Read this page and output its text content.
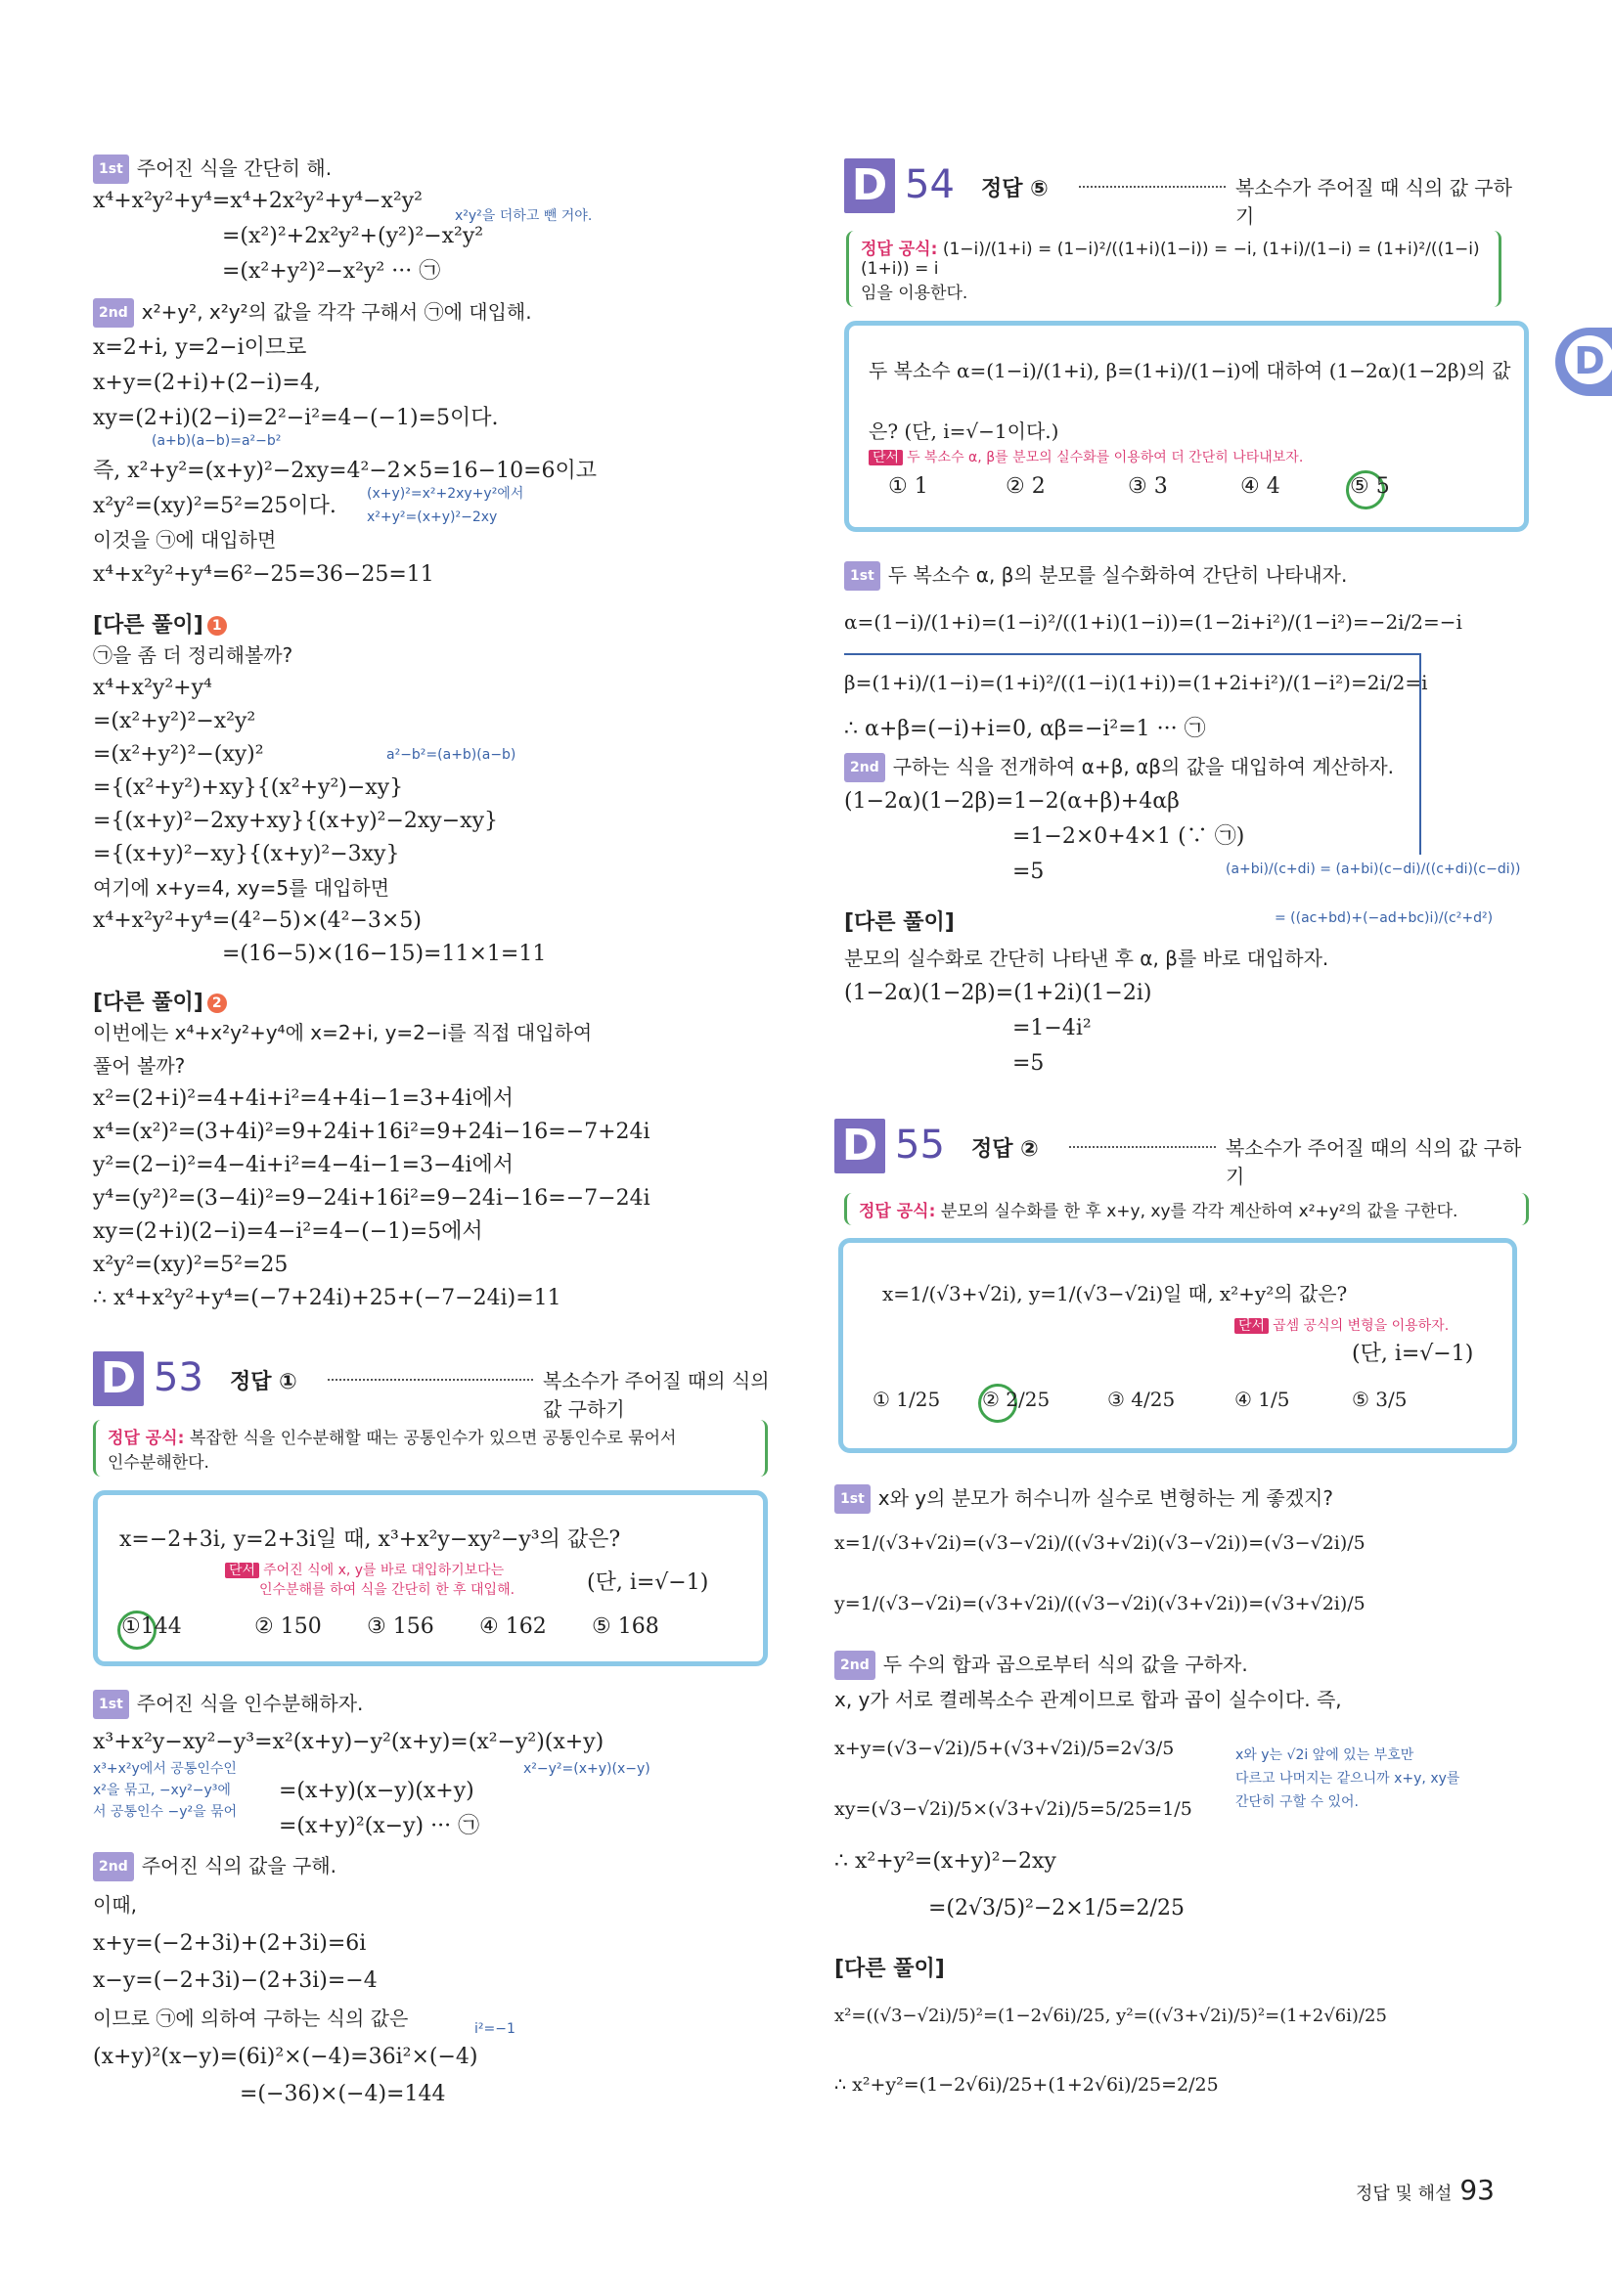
1st 주어진 식을 간단히 해.
x⁴+x²y²+y⁴=x⁴+2x²y²+y⁴−x²y²
x²y²을 더하고 뺀 거야.
=(x²)²+2x²y²+(y²)²−x²y²
=(x²+y²)²−x²y² ··· ㉠
2nd x²+y², x²y²의 값을 각각 구해서 ㉠에 대입해.
x=2+i, y=2−i이므로
x+y=(2+i)+(2−i)=4,
xy=(2+i)(2−i)=2²−i²=4−(−1)=5이다.
(a+b)(a−b)=a²−b²
즉, x²+y²=(x+y)²−2xy=4²−2×5=16−10=6이고
x²y²=(xy)²=5²=25이다. (x+y)²=x²+2xy+y²에서
x²+y²=(x+y)²−2xy
이것을 ㉠에 대입하면
x⁴+x²y²+y⁴=6²−25=36−25=11
[다른 풀이] 1
㉠을 좀 더 정리해볼까?
x⁴+x²y²+y⁴
=(x²+y²)²−x²y²
=(x²+y²)²−(xy)²	a²−b²=(a+b)(a−b)
={(x²+y²)+xy}{(x²+y²)−xy}
={(x+y)²−2xy+xy}{(x+y)²−2xy−xy}
={(x+y)²−xy}{(x+y)²−3xy}
여기에 x+y=4, xy=5를 대입하면
x⁴+x²y²+y⁴=(4²−5)×(4²−3×5)
=(16−5)×(16−15)=11×1=11
[다른 풀이] 2
이번에는 x⁴+x²y²+y⁴에 x=2+i, y=2−i를 직접 대입하여
풀어 볼까?
x²=(2+i)²=4+4i+i²=4+4i−1=3+4i에서
x⁴=(x²)²=(3+4i)²=9+24i+16i²=9+24i−16=−7+24i
y²=(2−i)²=4−4i+i²=4−4i−1=3−4i에서
y⁴=(y²)²=(3−4i)²=9−24i+16i²=9−24i−16=−7−24i
xy=(2+i)(2−i)=4−i²=4−(−1)=5에서
x²y²=(xy)²=5²=25
∴ x⁴+x²y²+y⁴=(−7+24i)+25+(−7−24i)=11
D 53 정답 ①	복소수가 주어질 때의 식의 값 구하기
정답 공식: 복잡한 식을 인수분해할 때는 공통인수가 있으면 공통인수로 묶어서
인수분해한다.
x=−2+3i, y=2+3i일 때, x³+x²y−xy²−y³의 값은?
단서 주어진 식에 x, y를 바로 대입하기보다는
인수분해를 하여 식을 간단히 한 후 대입해.	(단, i=√−1)
①144	② 150 ③ 156 ④ 162 ⑤ 168
1st 주어진 식을 인수분해하자.
x³+x²y−xy²−y³=x²(x+y)−y²(x+y)=(x²−y²)(x+y)
x³+x²y에서 공통인수인
x²을 묶고, −xy²−y³에
서 공통인수 −y²을 묶어
x²−y²=(x+y)(x−y)
=(x+y)(x−y)(x+y)
=(x+y)²(x−y) ··· ㉠
2nd 주어진 식의 값을 구해.
이때,
x+y=(−2+3i)+(2+3i)=6i
x−y=(−2+3i)−(2+3i)=−4
이므로 ㉠에 의하여 구하는 식의 값은	i²=−1
(x+y)²(x−y)=(6i)²×(−4)=36i²×(−4)
=(−36)×(−4)=144
D 54 정답 ⑤	복소수가 주어질 때 식의 값 구하기
정답 공식: (1−i)/(1+i) = (1−i)²/((1+i)(1−i)) = −i, (1+i)/(1−i) = (1+i)²/((1−i)(1+i)) = i
임을 이용한다.
두 복소수 α=(1−i)/(1+i), β=(1+i)/(1−i)에 대하여 (1−2α)(1−2β)의 값
은? (단, i=√−1이다.)
단서 두 복소수 α, β를 분모의 실수화를 이용하여 더 간단히 나타내보자.
① 1	② 2	③ 3	④ 4	⑤ 5
1st 두 복소수 α, β의 분모를 실수화하여 간단히 나타내자.
α=(1−i)/(1+i)=(1−i)²/((1+i)(1−i))=(1−2i+i²)/(1−i²)=−2i/2=−i
β=(1+i)/(1−i)=(1+i)²/((1−i)(1+i))=(1+2i+i²)/(1−i²)=2i/2=i
∴ α+β=(−i)+i=0, αβ=−i²=1 ··· ㉠
2nd 구하는 식을 전개하여 α+β, αβ의 값을 대입하여 계산하자.
(1−2α)(1−2β)=1−2(α+β)+4αβ
=1−2×0+4×1 (∵ ㉠)
=5	(a+bi)/(c+di) = (a+bi)(c−di)/((c+di)(c−di))
= ((ac+bd)+(−ad+bc)i)/(c²+d²)
[다른 풀이]
분모의 실수화로 간단히 나타낸 후 α, β를 바로 대입하자.
(1−2α)(1−2β)=(1+2i)(1−2i)
=1−4i²
=5
D 55 정답 ②	복소수가 주어질 때의 식의 값 구하기
정답 공식: 분모의 실수화를 한 후 x+y, xy를 각각 계산하여 x²+y²의 값을 구한다.
x=1/(√3+√2i), y=1/(√3−√2i)일 때, x²+y²의 값은?
단서 곱셈 공식의 변형을 이용하자.
(단, i=√−1)
① 1/25 ② 2/25	③ 4/25	④ 1/5	⑤ 3/5
1st x와 y의 분모가 허수니까 실수로 변형하는 게 좋겠지?
x=1/(√3+√2i)=(√3−√2i)/((√3+√2i)(√3−√2i))=(√3−√2i)/5
y=1/(√3−√2i)=(√3+√2i)/((√3−√2i)(√3+√2i))=(√3+√2i)/5
2nd 두 수의 합과 곱으로부터 식의 값을 구하자.
x, y가 서로 켤레복소수 관계이므로 합과 곱이 실수이다. 즉,
x+y=(√3−√2i)/5+(√3+√2i)/5=2√3/5	x와 y는 √2i 앞에 있는 부호만
다르고 나머지는 같으니까 x+y, xy를
간단히 구할 수 있어.
xy=(√3−√2i)/5×(√3+√2i)/5=5/25=1/5
∴ x²+y²=(x+y)²−2xy
=(2√3/5)²−2×1/5=2/25
[다른 풀이]
x²=((√3−√2i)/5)²=(1−2√6i)/25, y²=((√3+√2i)/5)²=(1+2√6i)/25
∴ x²+y²=(1−2√6i)/25+(1+2√6i)/25=2/25
D
정답 및 해설 93
